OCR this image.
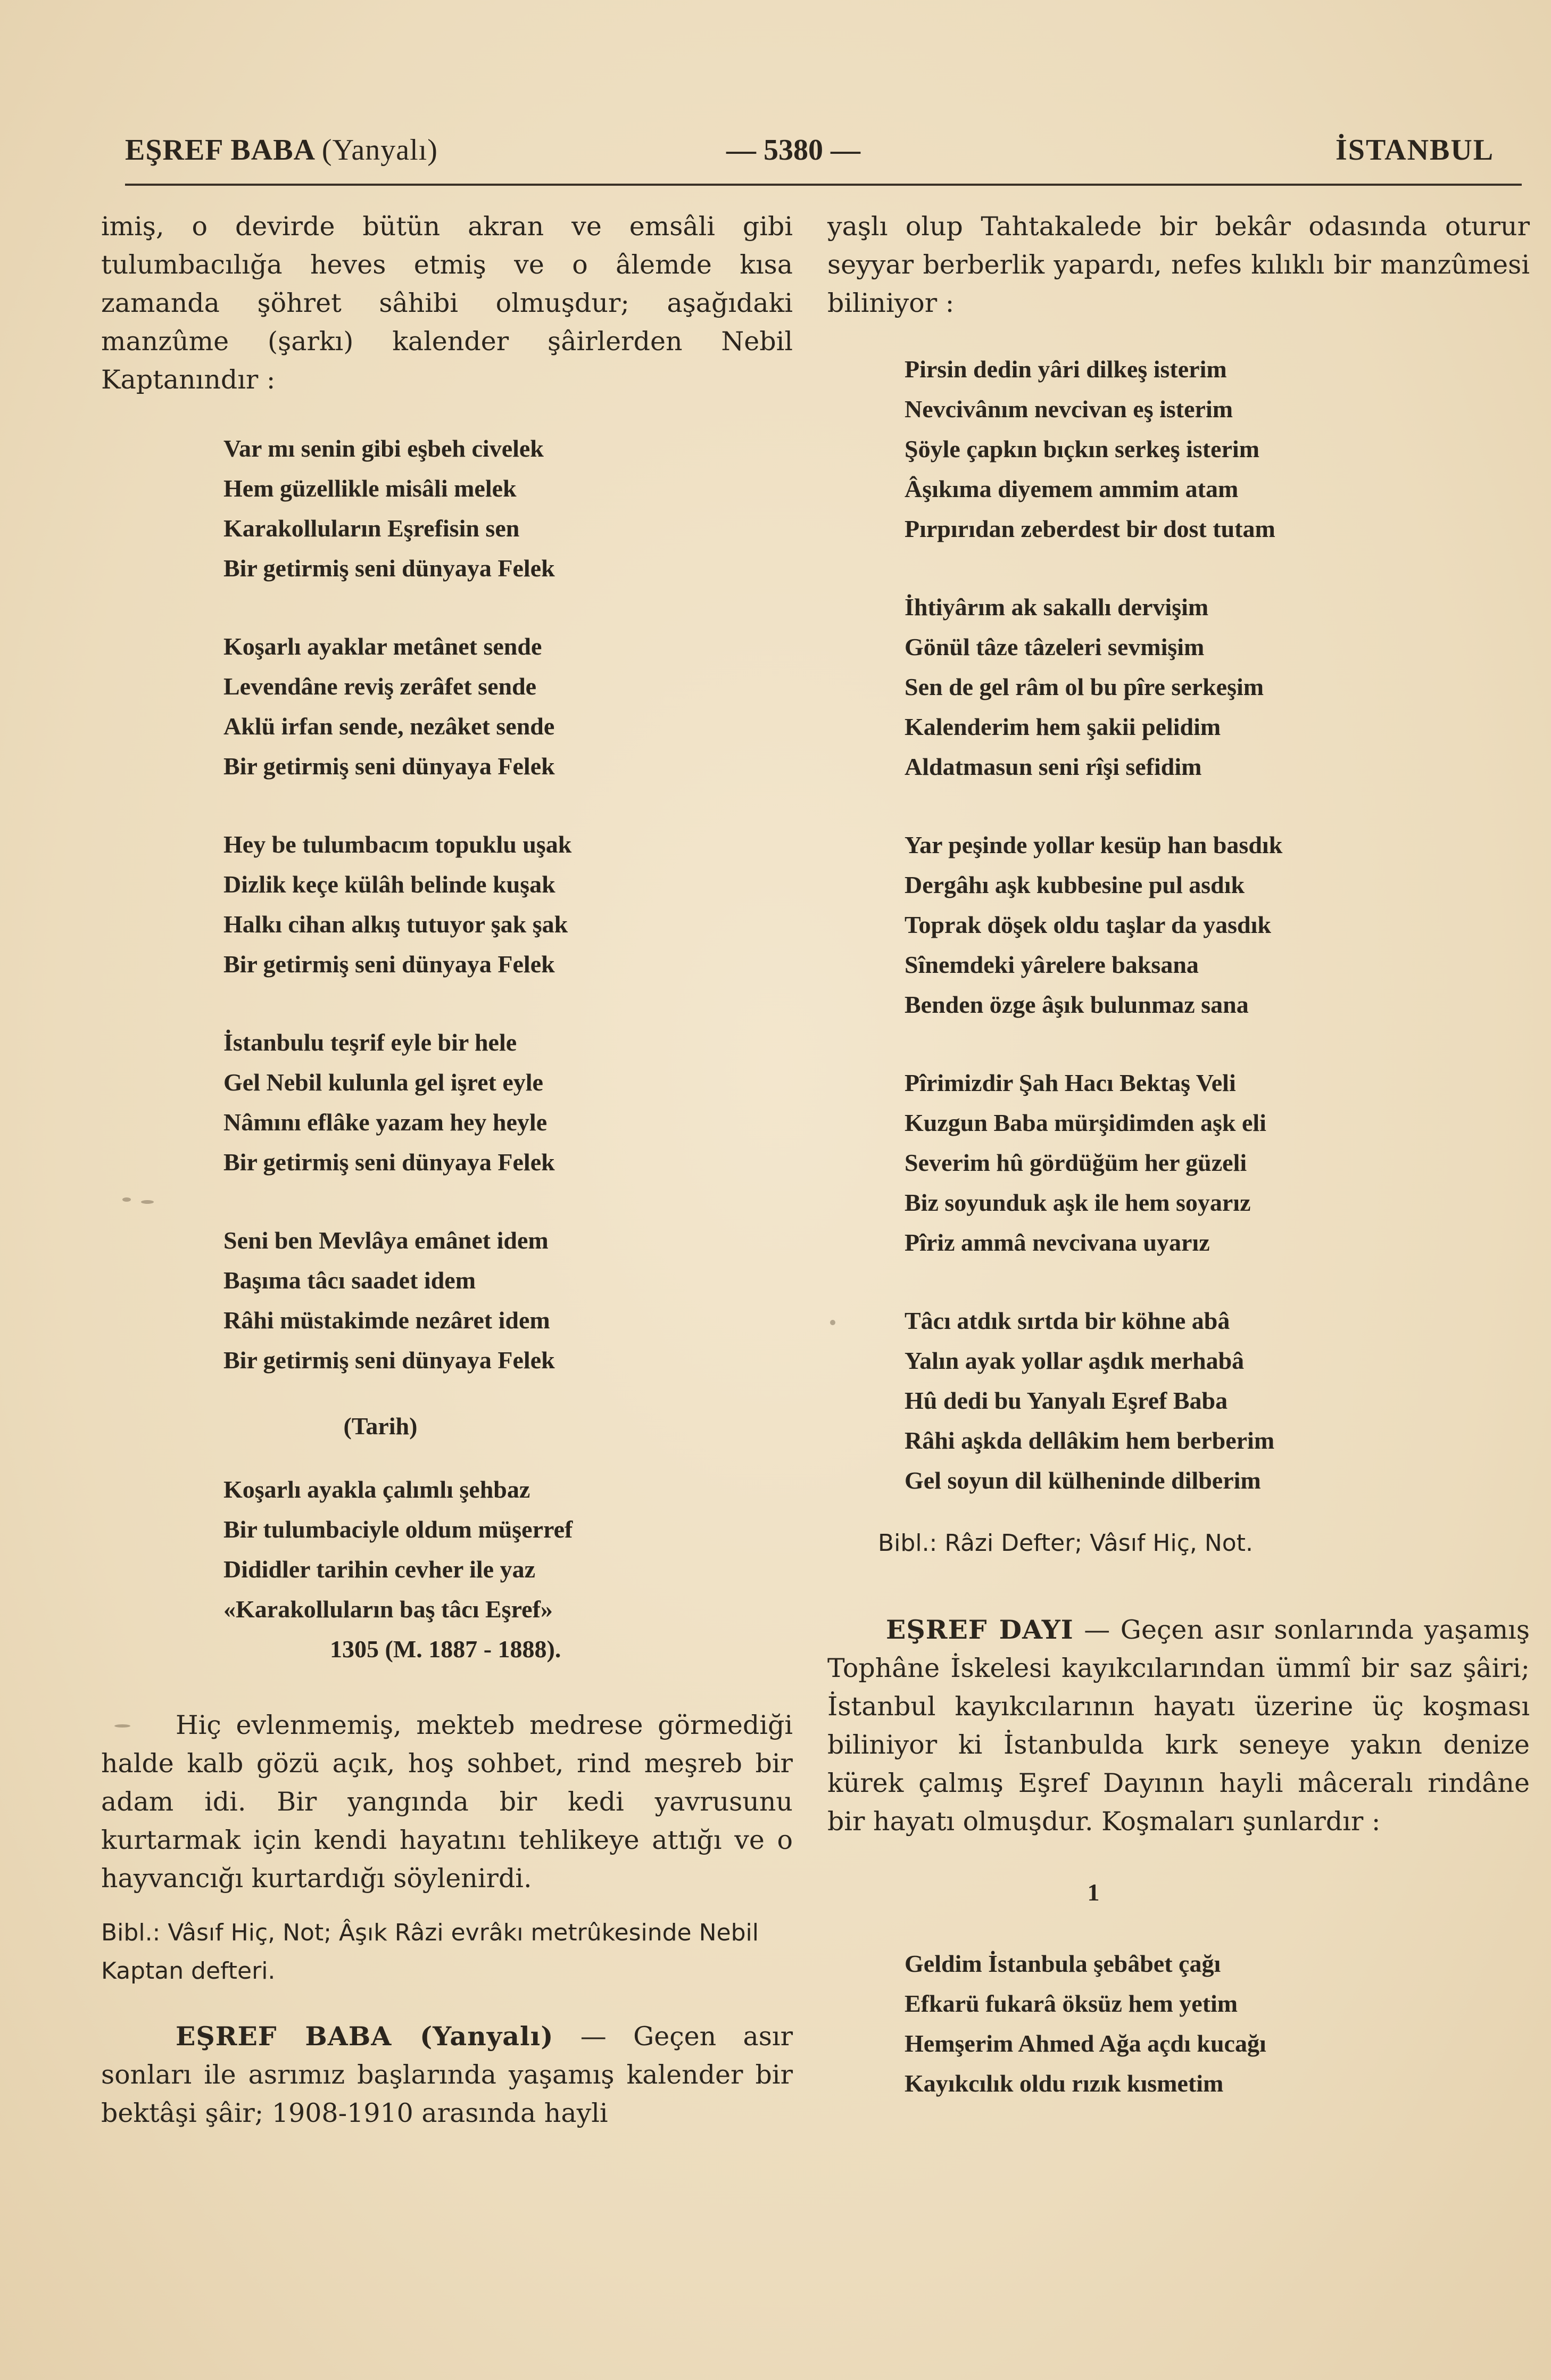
EŞREF BABA (Yanyalı)	— 5380 —	İSTANBUL

imiş, o devirde bütün akran ve emsâli gibi tulumbacılığa heves etmiş ve o âlemde kısa zamanda şöhret sâhibi olmuşdur; aşağıdaki manzûme (şarkı) kalender şâirlerden Nebil Kaptanındır :

Var mı senin gibi eşbeh civelek
Hem güzellikle misâli melek
Karakolluların Eşrefisin sen
Bir getirmiş seni dünyaya Felek
Koşarlı ayaklar metânet sende
Levendâne reviş zerâfet sende
Aklü irfan sende, nezâket sende
Bir getirmiş seni dünyaya Felek
Hey be tulumbacım topuklu uşak
Dizlik keçe külâh belinde kuşak
Halkı cihan alkış tutuyor şak şak
Bir getirmiş seni dünyaya Felek
İstanbulu teşrif eyle bir hele
Gel Nebil kulunla gel işret eyle
Nâmını eflâke yazam hey heyle
Bir getirmiş seni dünyaya Felek
Seni ben Mevlâya emânet idem
Başıma tâcı saadet idem
Râhi müstakimde nezâret idem
Bir getirmiş seni dünyaya Felek
(Tarih)
Koşarlı ayakla çalımlı şehbaz
Bir tulumbaciyle oldum müşerref
Dididler tarihin cevher ile yaz
«Karakolluların baş tâcı Eşref»
1305 (M. 1887 - 1888).

Hiç evlenmemiş, mekteb medrese görmediği halde kalb gözü açık, hoş sohbet, rind meşreb bir adam idi. Bir yangında bir kedi yavrusunu kurtarmak için kendi hayatını tehlikeye attığı ve o hayvancığı kurtardığı söylenirdi.

Bibl.: Vâsıf Hiç, Not; Âşık Râzi evrâkı metrûkesinde Nebil Kaptan defteri.

EŞREF BABA (Yanyalı) — Geçen asır sonları ile asrımız başlarında yaşamış kalender bir bektâşi şâir; 1908-1910 arasında hayli

yaşlı olup Tahtakalede bir bekâr odasında oturur seyyar berberlik yapardı, nefes kılıklı bir manzûmesi biliniyor :

Pirsin dedin yâri dilkeş isterim
Nevcivânım nevcivan eş isterim
Şöyle çapkın bıçkın serkeş isterim
Âşıkıma diyemem ammim atam
Pırpırıdan zeberdest bir dost tutam
İhtiyârım ak sakallı dervişim
Gönül tâze tâzeleri sevmişim
Sen de gel râm ol bu pîre serkeşim
Kalenderim hem şakii pelidim
Aldatmasun seni rîşi sefidim
Yar peşinde yollar kesüp han basdık
Dergâhı aşk kubbesine pul asdık
Toprak döşek oldu taşlar da yasdık
Sînemdeki yârelere baksana
Benden özge âşık bulunmaz sana
Pîrimizdir Şah Hacı Bektaş Veli
Kuzgun Baba mürşidimden aşk eli
Severim hû gördüğüm her güzeli
Biz soyunduk aşk ile hem soyarız
Pîriz ammâ nevcivana uyarız
Tâcı atdık sırtda bir köhne abâ
Yalın ayak yollar aşdık merhabâ
Hû dedi bu Yanyalı Eşref Baba
Râhi aşkda dellâkim hem berberim
Gel soyun dil külheninde dilberim

Bibl.: Râzi Defter; Vâsıf Hiç, Not.

EŞREF DAYI — Geçen asır sonlarında yaşamış Tophâne İskelesi kayıkcılarından ümmî bir saz şâiri; İstanbul kayıkcılarının hayatı üzerine üç koşması biliniyor ki İstanbulda kırk seneye yakın denize kürek çalmış Eşref Dayının hayli mâceralı rindâne bir hayatı olmuşdur. Koşmaları şunlardır :

1
Geldim İstanbula şebâbet çağı
Efkarü fukarâ öksüz hem yetim
Hemşerim Ahmed Ağa açdı kucağı
Kayıkcılık oldu rızık kısmetim
